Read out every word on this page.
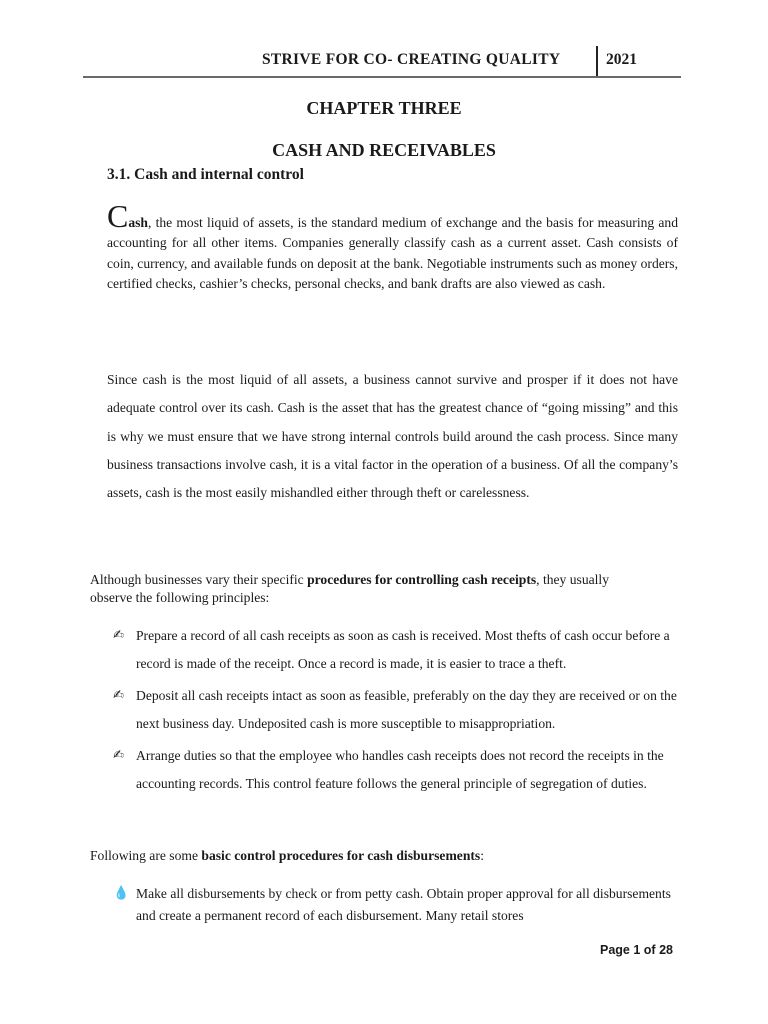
STRIVE FOR CO- CREATING QUALITY	2021
CHAPTER THREE
CASH AND RECEIVABLES
3.1. Cash and internal control

Cash, the most liquid of assets, is the standard medium of exchange and the basis for measuring and accounting for all other items. Companies generally classify cash as a current asset. Cash consists of coin, currency, and available funds on deposit at the bank. Negotiable instruments such as money orders, certified checks, cashier’s checks, personal checks, and bank drafts are also viewed as cash.

Since cash is the most liquid of all assets, a business cannot survive and prosper if it does not have adequate control over its cash. Cash is the asset that has the greatest chance of “going missing” and this is why we must ensure that we have strong internal controls build around the cash process. Since many business transactions involve cash, it is a vital factor in the operation of a business. Of all the company’s assets, cash is the most easily mishandled either through theft or carelessness.

Although businesses vary their specific procedures for controlling cash receipts, they usually observe the following principles:

✍ Prepare a record of all cash receipts as soon as cash is received. Most thefts of cash occur before a record is made of the receipt. Once a record is made, it is easier to trace a theft.
✍ Deposit all cash receipts intact as soon as feasible, preferably on the day they are received or on the next business day. Undeposited cash is more susceptible to misappropriation.
✍ Arrange duties so that the employee who handles cash receipts does not record the receipts in the accounting records. This control feature follows the general principle of segregation of duties.

Following are some basic control procedures for cash disbursements:

💧 Make all disbursements by check or from petty cash. Obtain proper approval for all disbursements and create a permanent record of each disbursement. Many retail stores
Page 1 of 28
